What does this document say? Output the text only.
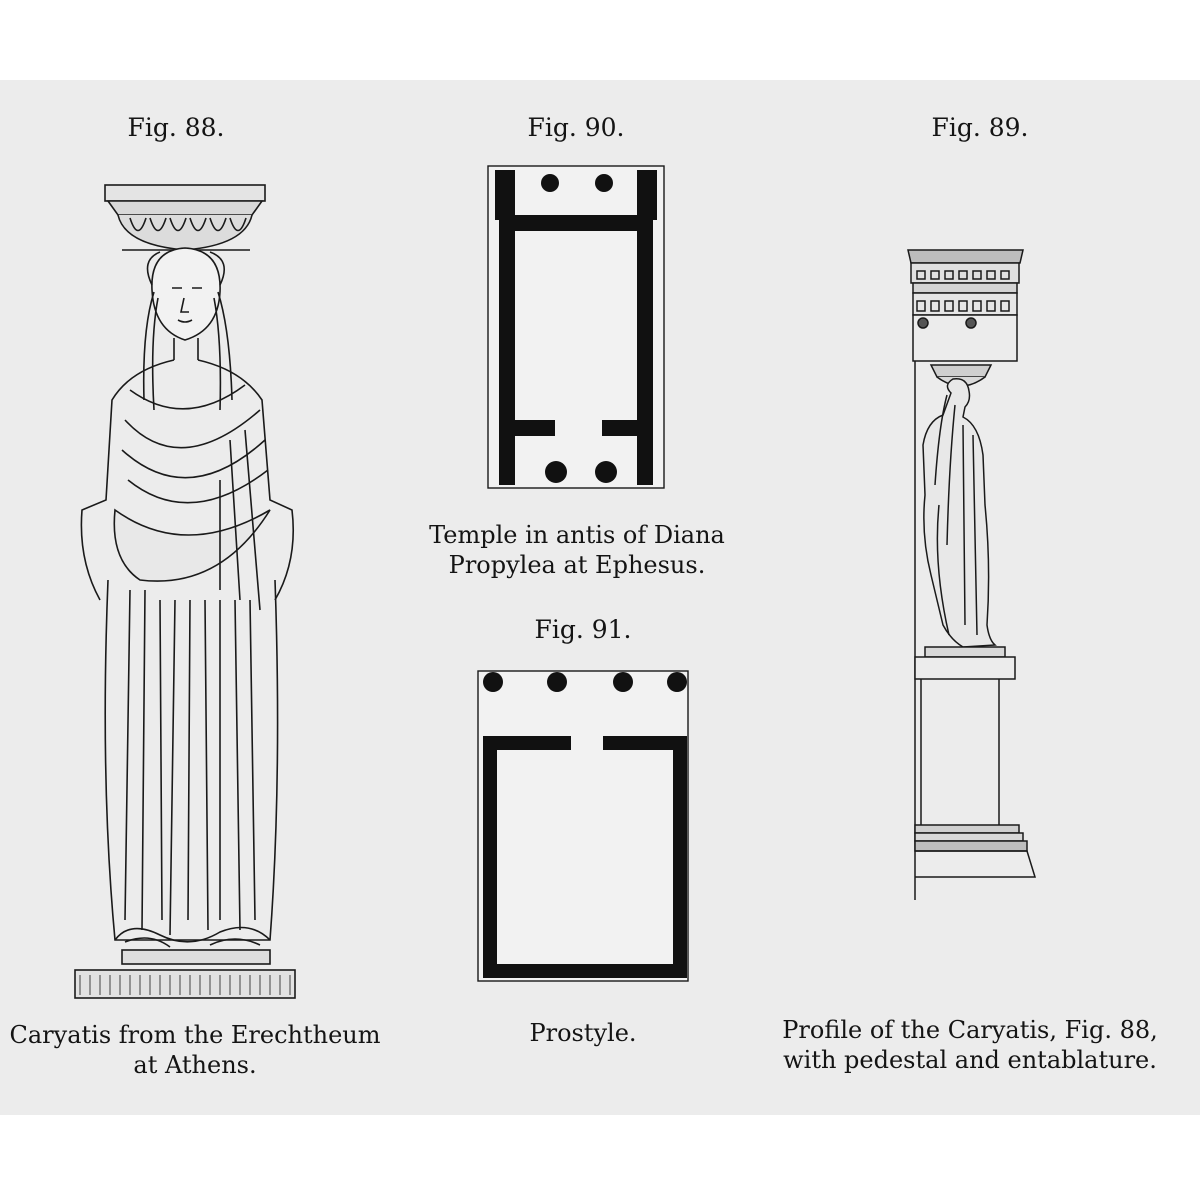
Fig. 88.	Fig. 90.	Fig. 89.
Fig. 91.
Caryatis from the Erechtheum
at Athens.
Temple in antis of Diana
Propylea at Ephesus.
Prostyle.	Profile of the Caryatis, Fig. 88,
with pedestal and entablature.
